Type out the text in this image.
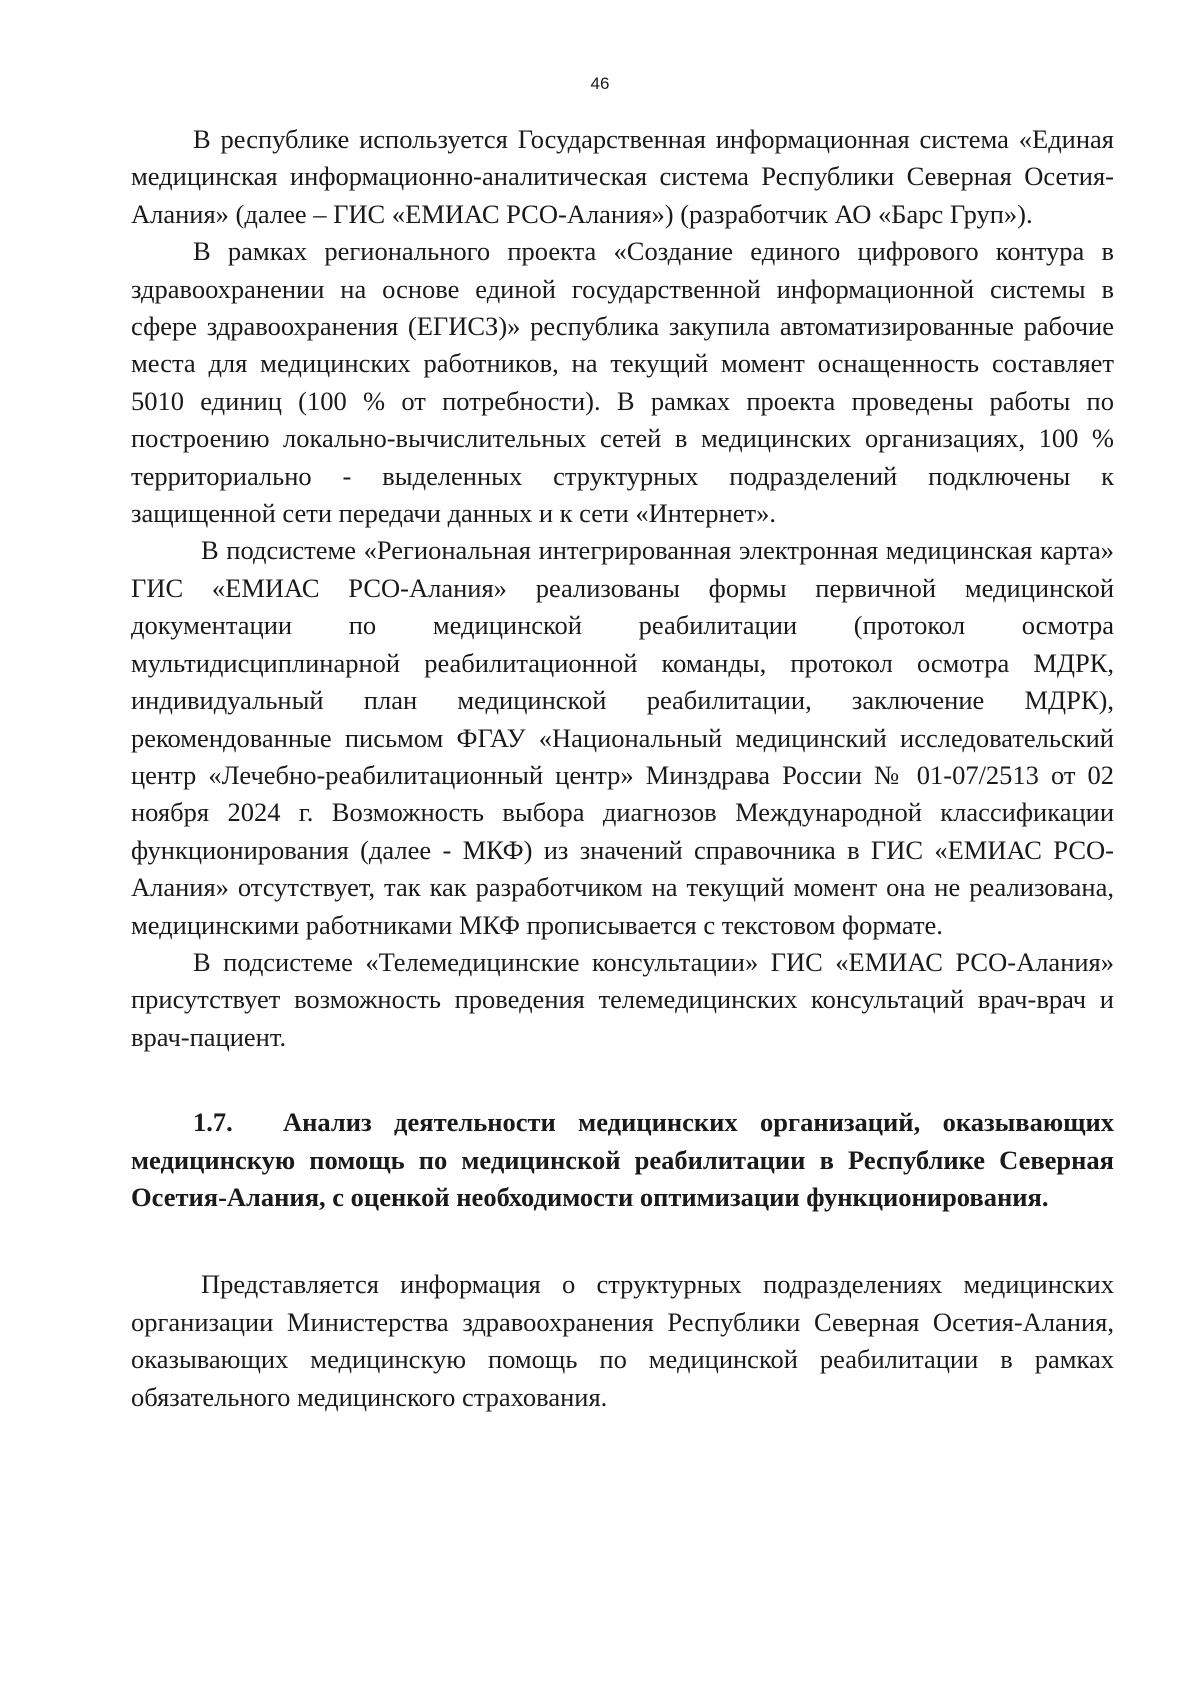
46

В республике используется Государственная информационная система «Единая медицинская информационно-аналитическая система Республики Северная Осетия-Алания» (далее – ГИС «ЕМИАС РСО-Алания») (разработчик АО «Барс Груп»).

В рамках регионального проекта «Создание единого цифрового контура в здравоохранении на основе единой государственной информационной системы в сфере здравоохранения (ЕГИСЗ)» республика закупила автоматизированные рабочие места для медицинских работников, на текущий момент оснащенность составляет 5010 единиц (100 % от потребности). В рамках проекта проведены работы по построению локально-вычислительных сетей в медицинских организациях, 100 % территориально - выделенных структурных подразделений подключены к защищенной сети передачи данных и к сети «Интернет».

В подсистеме «Региональная интегрированная электронная медицинская карта» ГИС «ЕМИАС РСО-Алания» реализованы формы первичной медицинской документации по медицинской реабилитации (протокол осмотра мультидисциплинарной реабилитационной команды, протокол осмотра МДРК, индивидуальный план медицинской реабилитации, заключение МДРК), рекомендованные письмом ФГАУ «Национальный медицинский исследовательский центр «Лечебно-реабилитационный центр» Минздрава России № 01-07/2513 от 02 ноября 2024 г. Возможность выбора диагнозов Международной классификации функционирования (далее - МКФ) из значений справочника в ГИС «ЕМИАС РСО-Алания» отсутствует, так как разработчиком на текущий момент она не реализована, медицинскими работниками МКФ прописывается с текстовом формате.

В подсистеме «Телемедицинские консультации» ГИС «ЕМИАС РСО-Алания» присутствует возможность проведения телемедицинских консультаций врач-врач и врач-пациент.

1.7. Анализ деятельности медицинских организаций, оказывающих медицинскую помощь по медицинской реабилитации в Республике Северная Осетия-Алания, с оценкой необходимости оптимизации функционирования.

Представляется информация о структурных подразделениях медицинских организации Министерства здравоохранения Республики Северная Осетия-Алания, оказывающих медицинскую помощь по медицинской реабилитации в рамках обязательного медицинского страхования.
